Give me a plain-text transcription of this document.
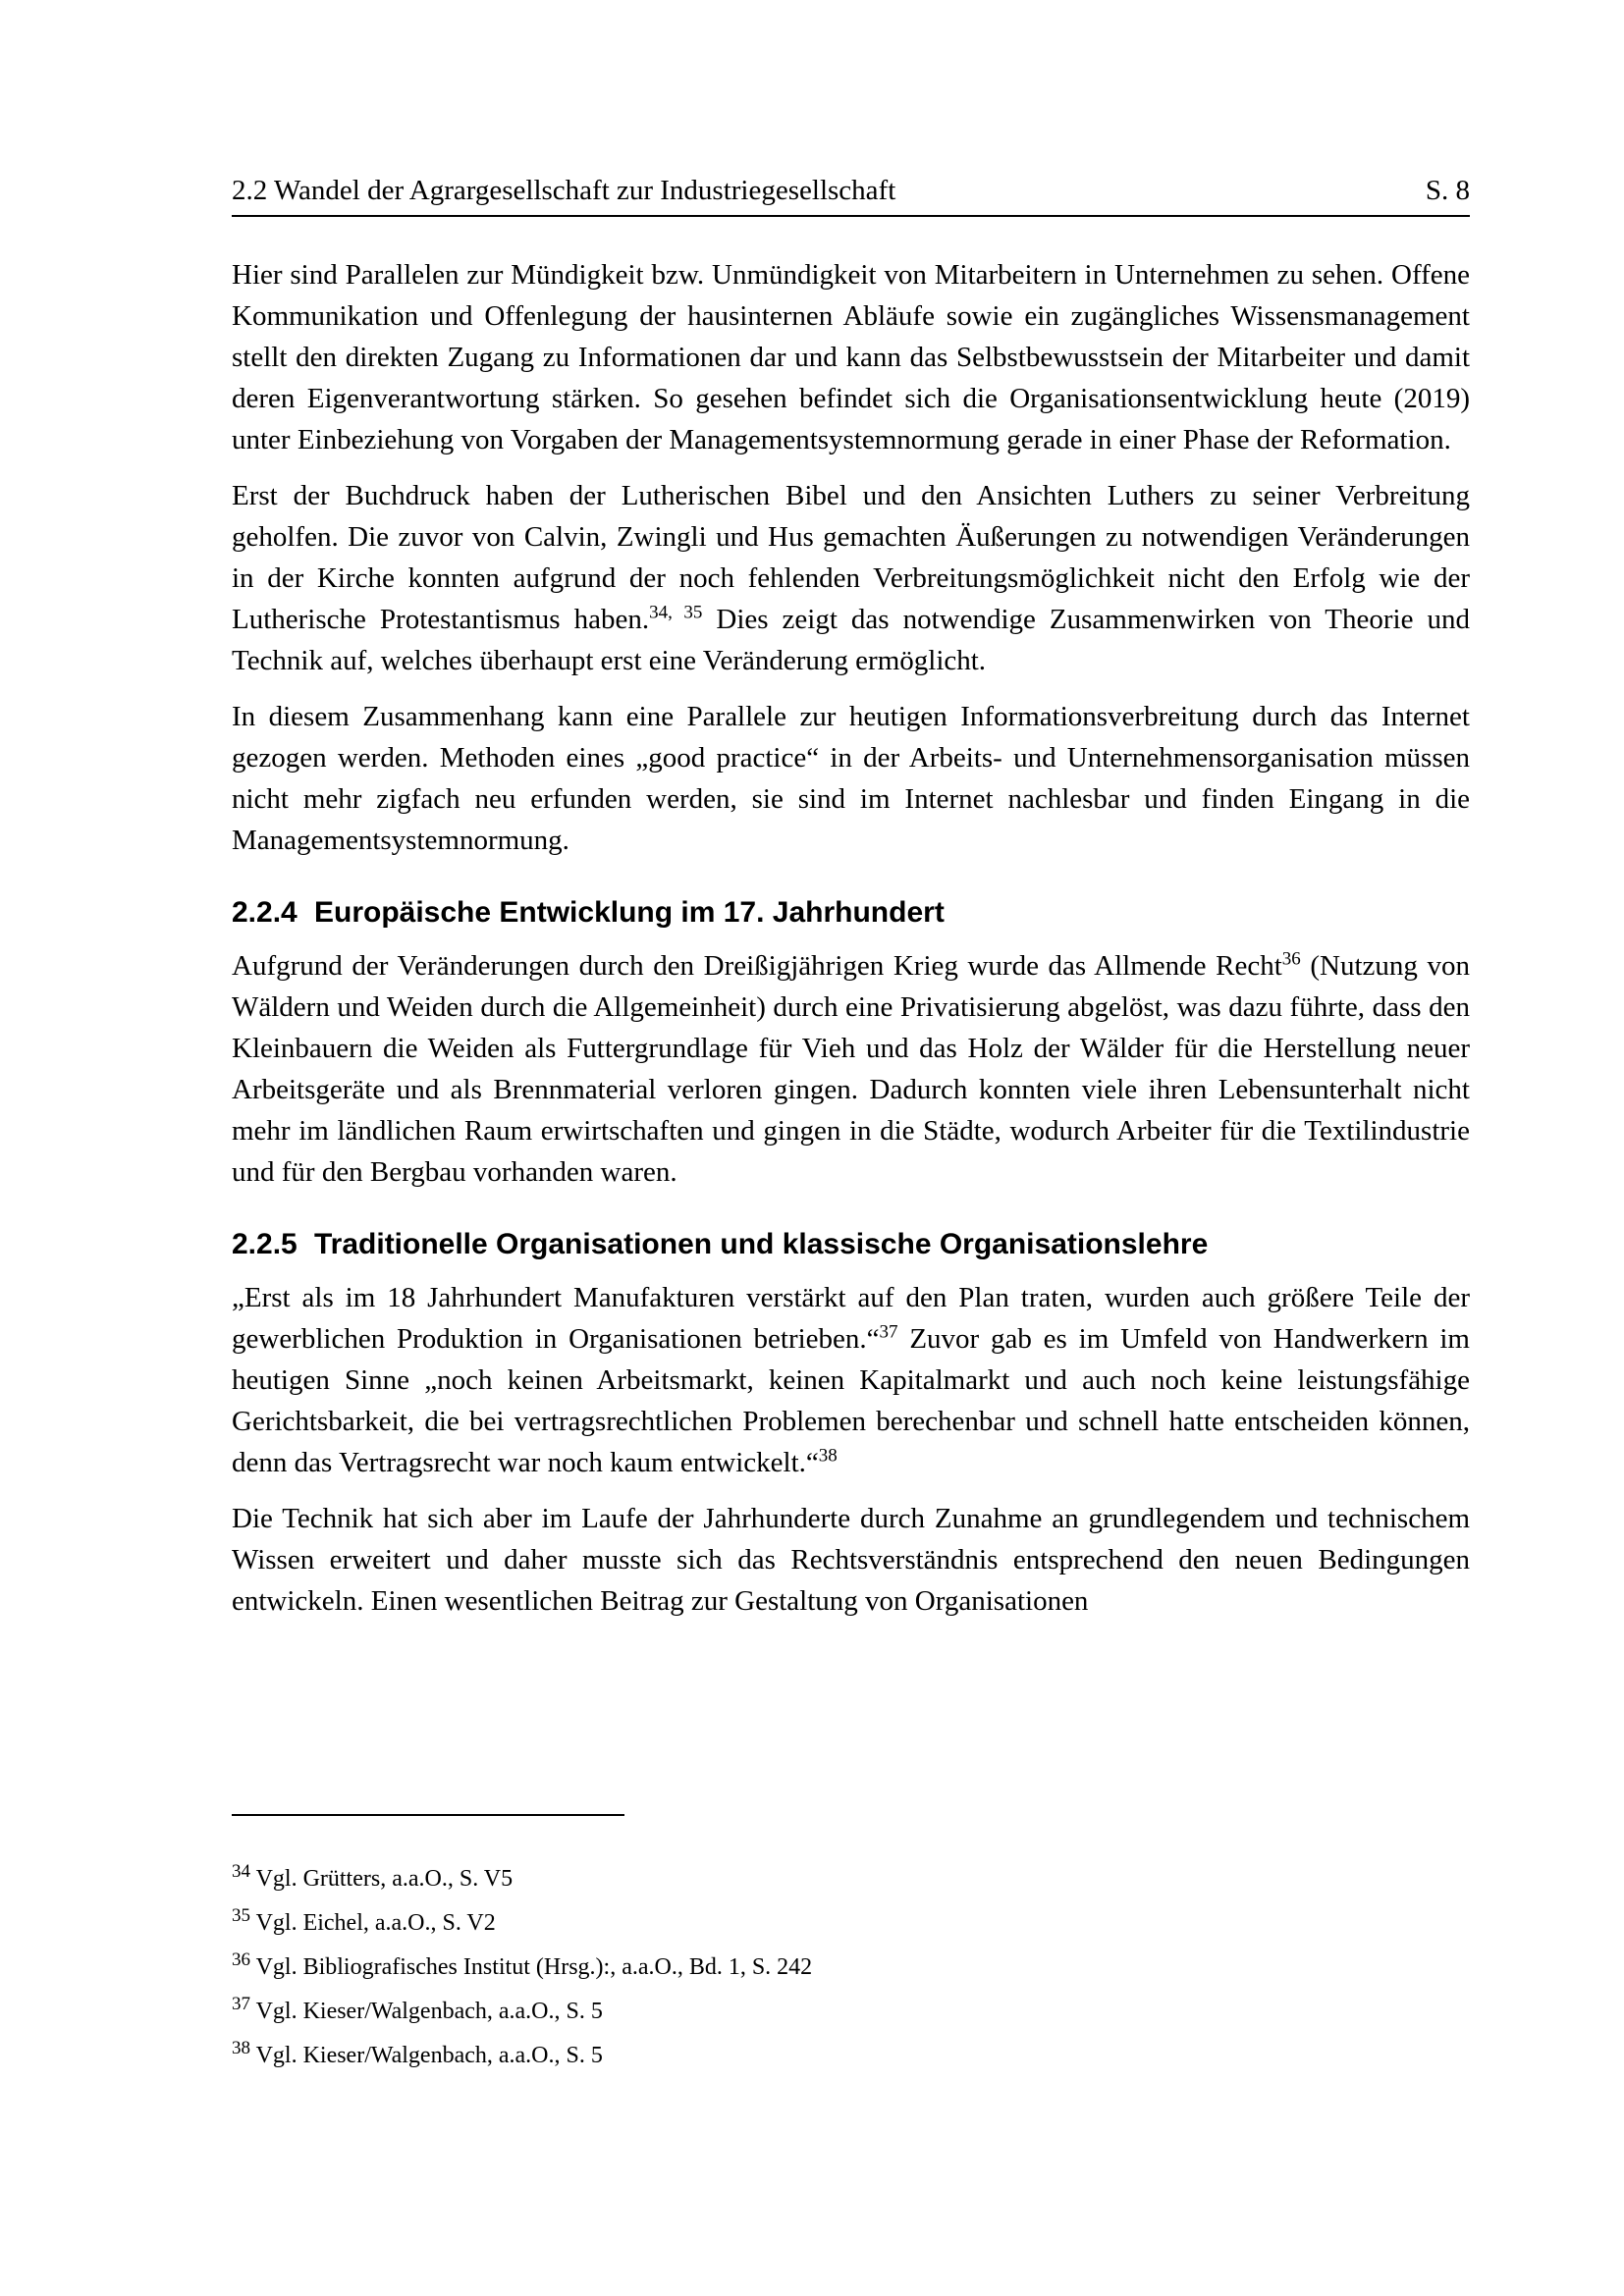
2.2 Wandel der Agrargesellschaft zur Industriegesellschaft	S. 8

Hier sind Parallelen zur Mündigkeit bzw. Unmündigkeit von Mitarbeitern in Unternehmen zu sehen. Offene Kommunikation und Offenlegung der hausinternen Abläufe sowie ein zugängliches Wissensmanagement stellt den direkten Zugang zu Informationen dar und kann das Selbstbewusstsein der Mitarbeiter und damit deren Eigenverantwortung stärken. So gesehen befindet sich die Organisationsentwicklung heute (2019) unter Einbeziehung von Vorgaben der Managementsystemnormung gerade in einer Phase der Reformation.

Erst der Buchdruck haben der Lutherischen Bibel und den Ansichten Luthers zu seiner Verbreitung geholfen. Die zuvor von Calvin, Zwingli und Hus gemachten Äußerungen zu notwendigen Veränderungen in der Kirche konnten aufgrund der noch fehlenden Verbreitungsmöglichkeit nicht den Erfolg wie der Lutherische Protestantismus haben.$^{34, 35}$ Dies zeigt das notwendige Zusammenwirken von Theorie und Technik auf, welches überhaupt erst eine Veränderung ermöglicht.

In diesem Zusammenhang kann eine Parallele zur heutigen Informationsverbreitung durch das Internet gezogen werden. Methoden eines „good practice“ in der Arbeits- und Unternehmensorganisation müssen nicht mehr zigfach neu erfunden werden, sie sind im Internet nachlesbar und finden Eingang in die Managementsystemnormung.

2.2.4 Europäische Entwicklung im 17. Jahrhundert

Aufgrund der Veränderungen durch den Dreißigjährigen Krieg wurde das Allmende Recht$^{36}$ (Nutzung von Wäldern und Weiden durch die Allgemeinheit) durch eine Privatisierung abgelöst, was dazu führte, dass den Kleinbauern die Weiden als Futtergrundlage für Vieh und das Holz der Wälder für die Herstellung neuer Arbeitsgeräte und als Brennmaterial verloren gingen. Dadurch konnten viele ihren Lebensunterhalt nicht mehr im ländlichen Raum erwirtschaften und gingen in die Städte, wodurch Arbeiter für die Textilindustrie und für den Bergbau vorhanden waren.

2.2.5 Traditionelle Organisationen und klassische Organisationslehre

„Erst als im 18 Jahrhundert Manufakturen verstärkt auf den Plan traten, wurden auch größere Teile der gewerblichen Produktion in Organisationen betrieben.“$^{37}$ Zuvor gab es im Umfeld von Handwerkern im heutigen Sinne „noch keinen Arbeitsmarkt, keinen Kapitalmarkt und auch noch keine leistungsfähige Gerichtsbarkeit, die bei vertragsrechtlichen Problemen berechenbar und schnell hatte entscheiden können, denn das Vertragsrecht war noch kaum entwickelt.“$^{38}$

Die Technik hat sich aber im Laufe der Jahrhunderte durch Zunahme an grundlegendem und technischem Wissen erweitert und daher musste sich das Rechtsverständnis entsprechend den neuen Bedingungen entwickeln. Einen wesentlichen Beitrag zur Gestaltung von Organisationen

$^{34}$ Vgl. Grütters, a.a.O., S. V5
$^{35}$ Vgl. Eichel, a.a.O., S. V2
$^{36}$ Vgl. Bibliografisches Institut (Hrsg.):, a.a.O., Bd. 1, S. 242
$^{37}$ Vgl. Kieser/Walgenbach, a.a.O., S. 5
$^{38}$ Vgl. Kieser/Walgenbach, a.a.O., S. 5
